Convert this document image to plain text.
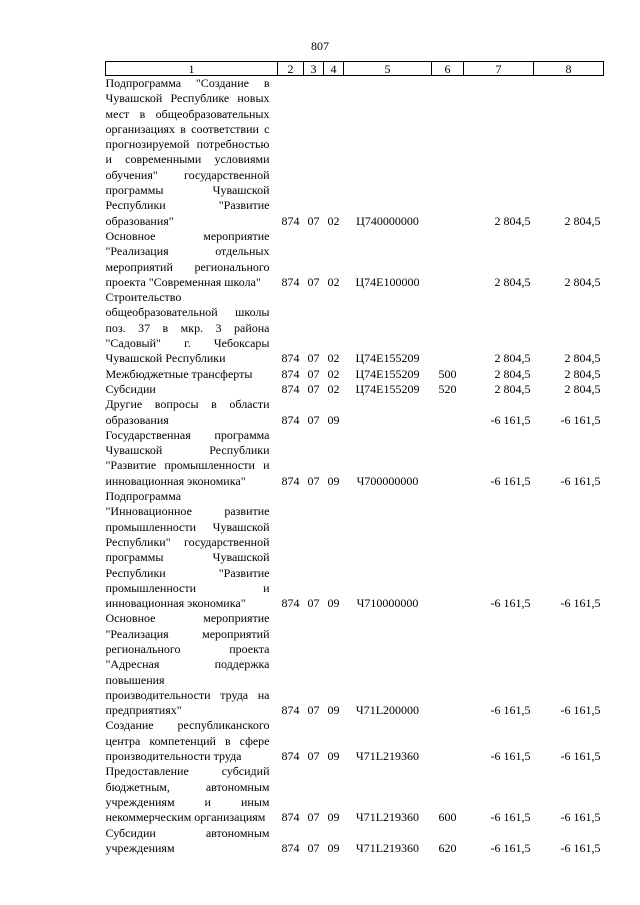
807
1	2	3	4	5	6	7	8
Подпрограмма "Создание в Чувашской Республике новых мест в общеобразовательных организациях в соответствии с прогнозируемой потребностью и современными условиями обучения" государственной программы Чувашской Республики "Развитие образования"	874	07	02	Ц740000000		2 804,5	2 804,5
Основное мероприятие "Реализация отдельных мероприятий регионального проекта "Современная школа"	874	07	02	Ц74Е100000		2 804,5	2 804,5
Строительство общеобразовательной школы поз. 37 в мкр. 3 района "Садовый" г. Чебоксары Чувашской Республики	874	07	02	Ц74Е155209		2 804,5	2 804,5
Межбюджетные трансферты	874	07	02	Ц74Е155209	500	2 804,5	2 804,5
Субсидии	874	07	02	Ц74Е155209	520	2 804,5	2 804,5
Другие вопросы в области образования	874	07	09			-6 161,5	-6 161,5
Государственная программа Чувашской Республики "Развитие промышленности и инновационная экономика"	874	07	09	Ч700000000		-6 161,5	-6 161,5
Подпрограмма "Инновационное развитие промышленности Чувашской Республики" государственной программы Чувашской Республики "Развитие промышленности и инновационная экономика"	874	07	09	Ч710000000		-6 161,5	-6 161,5
Основное мероприятие "Реализация мероприятий регионального проекта "Адресная поддержка повышения производительности труда на предприятиях"	874	07	09	Ч71L200000		-6 161,5	-6 161,5
Создание республиканского центра компетенций в сфере производительности труда	874	07	09	Ч71L219360		-6 161,5	-6 161,5
Предоставление субсидий бюджетным, автономным учреждениям и иным некоммерческим организациям	874	07	09	Ч71L219360	600	-6 161,5	-6 161,5
Субсидии автономным учреждениям	874	07	09	Ч71L219360	620	-6 161,5	-6 161,5
